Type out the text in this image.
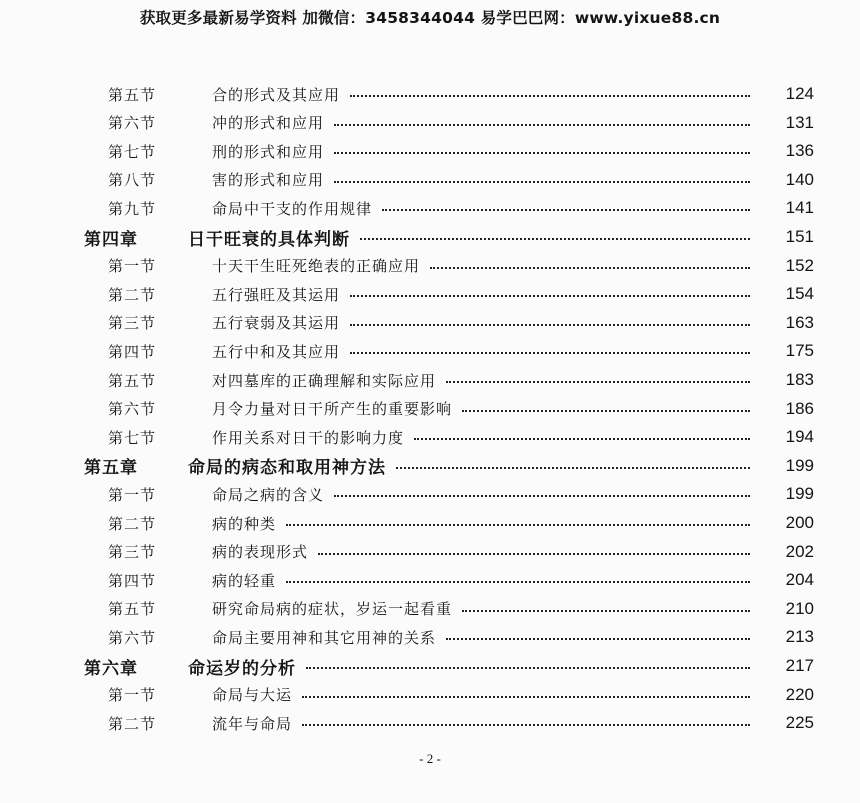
获取更多最新易学资料 加微信：3458344044 易学巴巴网：www.yixue88.cn
第五节	合的形式及其应用	124
第六节	冲的形式和应用	131
第七节	刑的形式和应用	136
第八节	害的形式和应用	140
第九节	命局中干支的作用规律	141
第四章	日干旺衰的具体判断	151
第一节	十天干生旺死绝表的正确应用	152
第二节	五行强旺及其运用	154
第三节	五行衰弱及其运用	163
第四节	五行中和及其应用	175
第五节	对四墓库的正确理解和实际应用	183
第六节	月令力量对日干所产生的重要影响	186
第七节	作用关系对日干的影响力度	194
第五章	命局的病态和取用神方法	199
第一节	命局之病的含义	199
第二节	病的种类	200
第三节	病的表现形式	202
第四节	病的轻重	204
第五节	研究命局病的症状，岁运一起看重	210
第六节	命局主要用神和其它用神的关系	213
第六章	命运岁的分析	217
第一节	命局与大运	220
第二节	流年与命局	225
- 2 -
